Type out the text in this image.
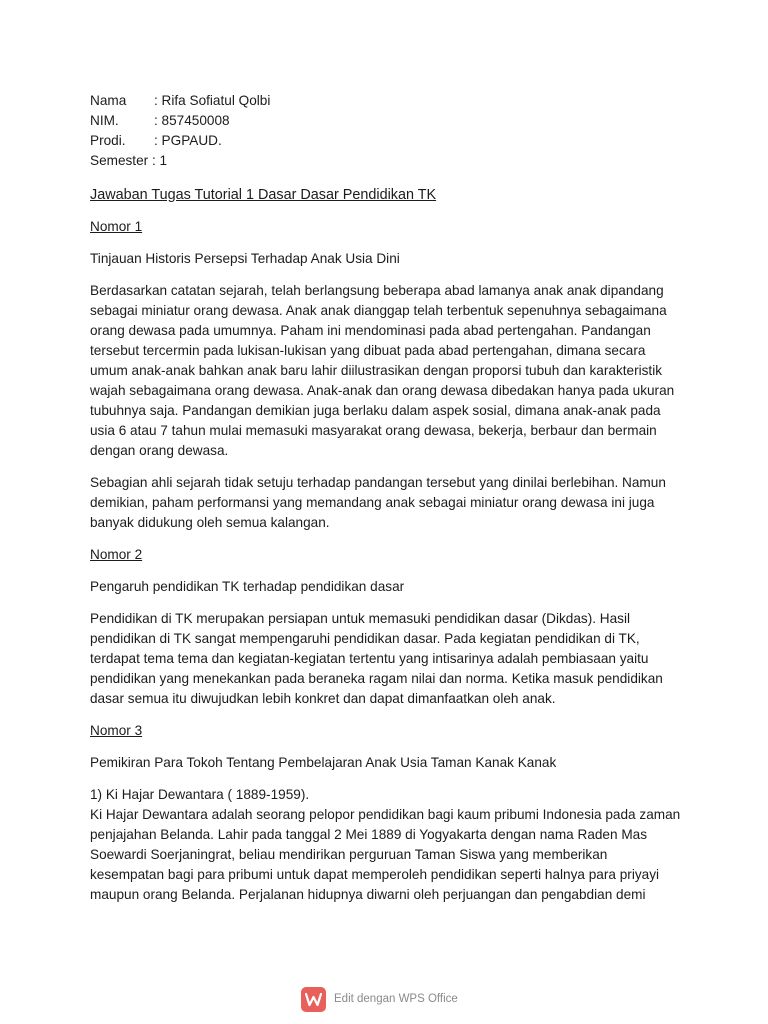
Nama	: Rifa Sofiatul Qolbi
NIM.	: 857450008
Prodi.	: PGPAUD.
Semester : 1
Jawaban Tugas Tutorial 1 Dasar Dasar Pendidikan TK
Nomor 1
Tinjauan Historis Persepsi Terhadap Anak Usia Dini

Berdasarkan catatan sejarah, telah berlangsung beberapa abad lamanya anak anak dipandang sebagai miniatur orang dewasa. Anak anak dianggap telah terbentuk sepenuhnya sebagaimana orang dewasa pada umumnya. Paham ini mendominasi pada abad pertengahan. Pandangan tersebut tercermin pada lukisan-lukisan yang dibuat pada abad pertengahan, dimana secara umum anak-anak bahkan anak baru lahir diilustrasikan dengan proporsi tubuh dan karakteristik wajah sebagaimana orang dewasa. Anak-anak dan orang dewasa dibedakan hanya pada ukuran tubuhnya saja. Pandangan demikian juga berlaku dalam aspek sosial, dimana anak-anak pada usia 6 atau 7 tahun mulai memasuki masyarakat orang dewasa, bekerja, berbaur dan bermain dengan orang dewasa.

Sebagian ahli sejarah tidak setuju terhadap pandangan tersebut yang dinilai berlebihan. Namun demikian, paham performansi yang memandang anak sebagai miniatur orang dewasa ini juga banyak didukung oleh semua kalangan.

Nomor 2
Pengaruh pendidikan TK terhadap pendidikan dasar

Pendidikan di TK merupakan persiapan untuk memasuki pendidikan dasar (Dikdas). Hasil pendidikan di TK sangat mempengaruhi pendidikan dasar. Pada kegiatan pendidikan di TK, terdapat tema tema dan kegiatan-kegiatan tertentu yang intisarinya adalah pembiasaan yaitu pendidikan yang menekankan pada beraneka ragam nilai dan norma. Ketika masuk pendidikan dasar semua itu diwujudkan lebih konkret dan dapat dimanfaatkan oleh anak.

Nomor 3
Pemikiran Para Tokoh Tentang Pembelajaran Anak Usia Taman Kanak Kanak
1) Ki Hajar Dewantara ( 1889-1959).
Ki Hajar Dewantara adalah seorang pelopor pendidikan bagi kaum pribumi Indonesia pada zaman penjajahan Belanda. Lahir pada tanggal 2 Mei 1889 di Yogyakarta dengan nama Raden Mas Soewardi Soerjaningrat, beliau mendirikan perguruan Taman Siswa yang memberikan kesempatan bagi para pribumi untuk dapat memperoleh pendidikan seperti halnya para priyayi maupun orang Belanda. Perjalanan hidupnya diwarni oleh perjuangan dan pengabdian demi
Edit dengan WPS Office
